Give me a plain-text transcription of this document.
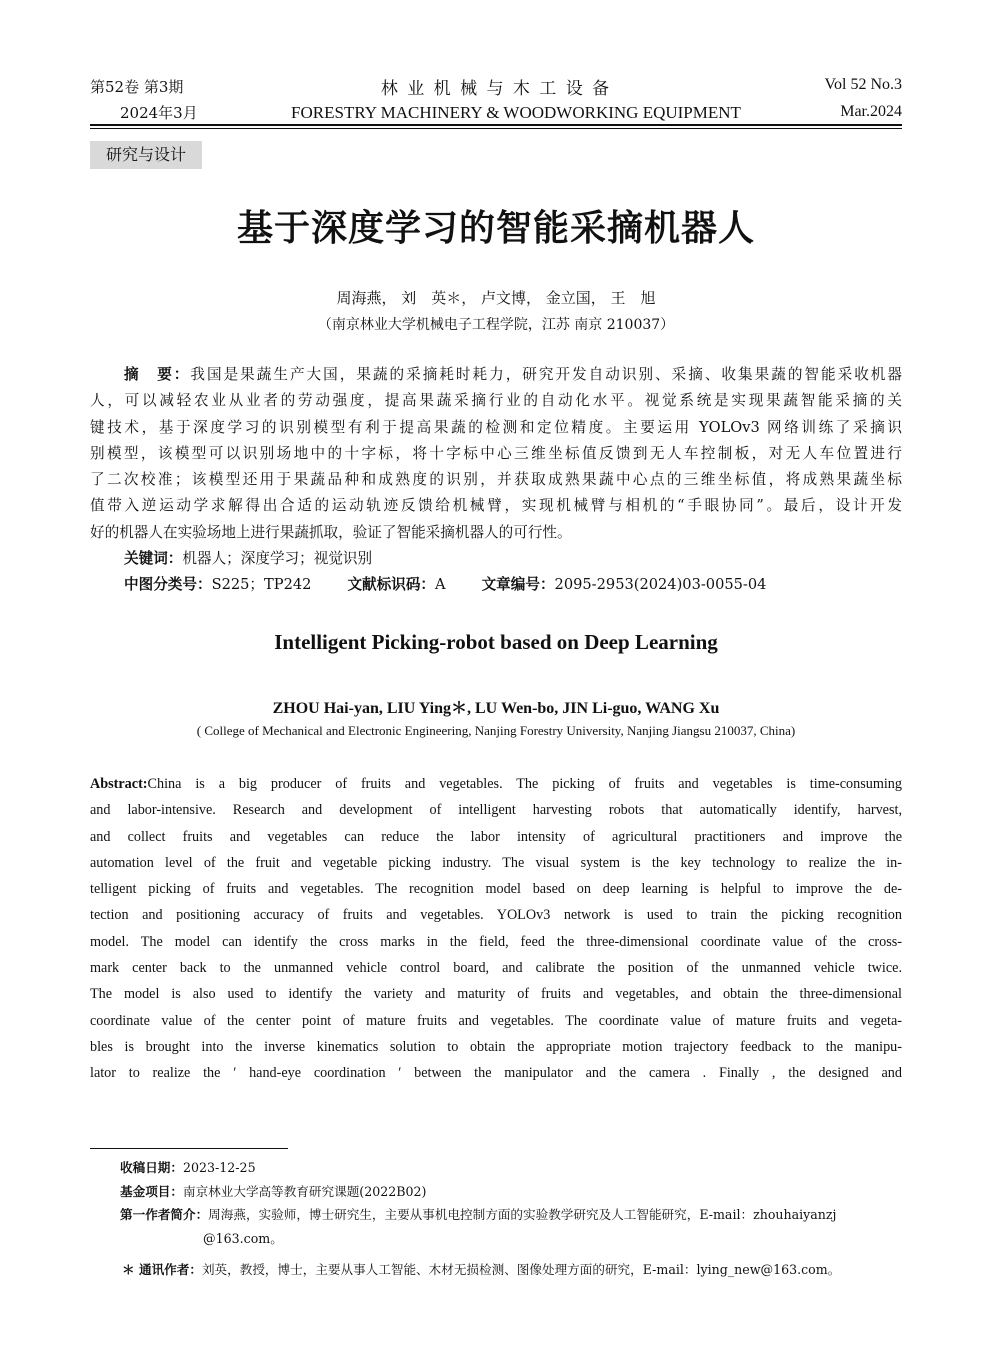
第52卷 第3期
2024年3月
林 业 机 械 与 木 工 设 备
FORESTRY MACHINERY & WOODWORKING EQUIPMENT
Vol 52 No.3
Mar.2024
研究与设计
基于深度学习的智能采摘机器人
周海燕， 刘　英＊， 卢文博， 金立国， 王　旭
（南京林业大学机械电子工程学院，江苏 南京 210037）
摘　要：我国是果蔬生产大国，果蔬的采摘耗时耗力，研究开发自动识别、采摘、收集果蔬的智能采收机器
人，可以减轻农业从业者的劳动强度，提高果蔬采摘行业的自动化水平。视觉系统是实现果蔬智能采摘的关
键技术，基于深度学习的识别模型有利于提高果蔬的检测和定位精度。主要运用 YOLOv3 网络训练了采摘识
别模型，该模型可以识别场地中的十字标，将十字标中心三维坐标值反馈到无人车控制板，对无人车位置进行
了二次校准；该模型还用于果蔬品种和成熟度的识别，并获取成熟果蔬中心点的三维坐标值，将成熟果蔬坐标
值带入逆运动学求解得出合适的运动轨迹反馈给机械臂，实现机械臂与相机的“手眼协同”。最后，设计开发
好的机器人在实验场地上进行果蔬抓取，验证了智能采摘机器人的可行性。
关键词：机器人；深度学习；视觉识别
中图分类号：S225；TP242 文献标识码：A 文章编号：2095-2953(2024)03-0055-04
Intelligent Picking-robot based on Deep Learning
ZHOU Hai-yan, LIU Ying＊, LU Wen-bo, JIN Li-guo, WANG Xu
( College of Mechanical and Electronic Engineering, Nanjing Forestry University, Nanjing Jiangsu 210037, China)
Abstract:China is a big producer of fruits and vegetables. The picking of fruits and vegetables is time-consuming
and labor-intensive. Research and development of intelligent harvesting robots that automatically identify, harvest,
and collect fruits and vegetables can reduce the labor intensity of agricultural practitioners and improve the
automation level of the fruit and vegetable picking industry. The visual system is the key technology to realize the in-
telligent picking of fruits and vegetables. The recognition model based on deep learning is helpful to improve the de-
tection and positioning accuracy of fruits and vegetables. YOLOv3 network is used to train the picking recognition
model. The model can identify the cross marks in the field, feed the three-dimensional coordinate value of the cross-
mark center back to the unmanned vehicle control board, and calibrate the position of the unmanned vehicle twice.
The model is also used to identify the variety and maturity of fruits and vegetables, and obtain the three-dimensional
coordinate value of the center point of mature fruits and vegetables. The coordinate value of mature fruits and vegeta-
bles is brought into the inverse kinematics solution to obtain the appropriate motion trajectory feedback to the manipu-
lator to realize the ′ hand-eye coordination ′ between the manipulator and the camera . Finally , the designed and
收稿日期：2023-12-25
基金项目：南京林业大学高等教育研究课题(2022B02)
第一作者简介：周海燕，实验师，博士研究生，主要从事机电控制方面的实验教学研究及人工智能研究，E-mail：zhouhaiyanzj
@163.com。
＊ 通讯作者：刘英，教授，博士，主要从事人工智能、木材无损检测、图像处理方面的研究，E-mail：lying_new@163.com。
